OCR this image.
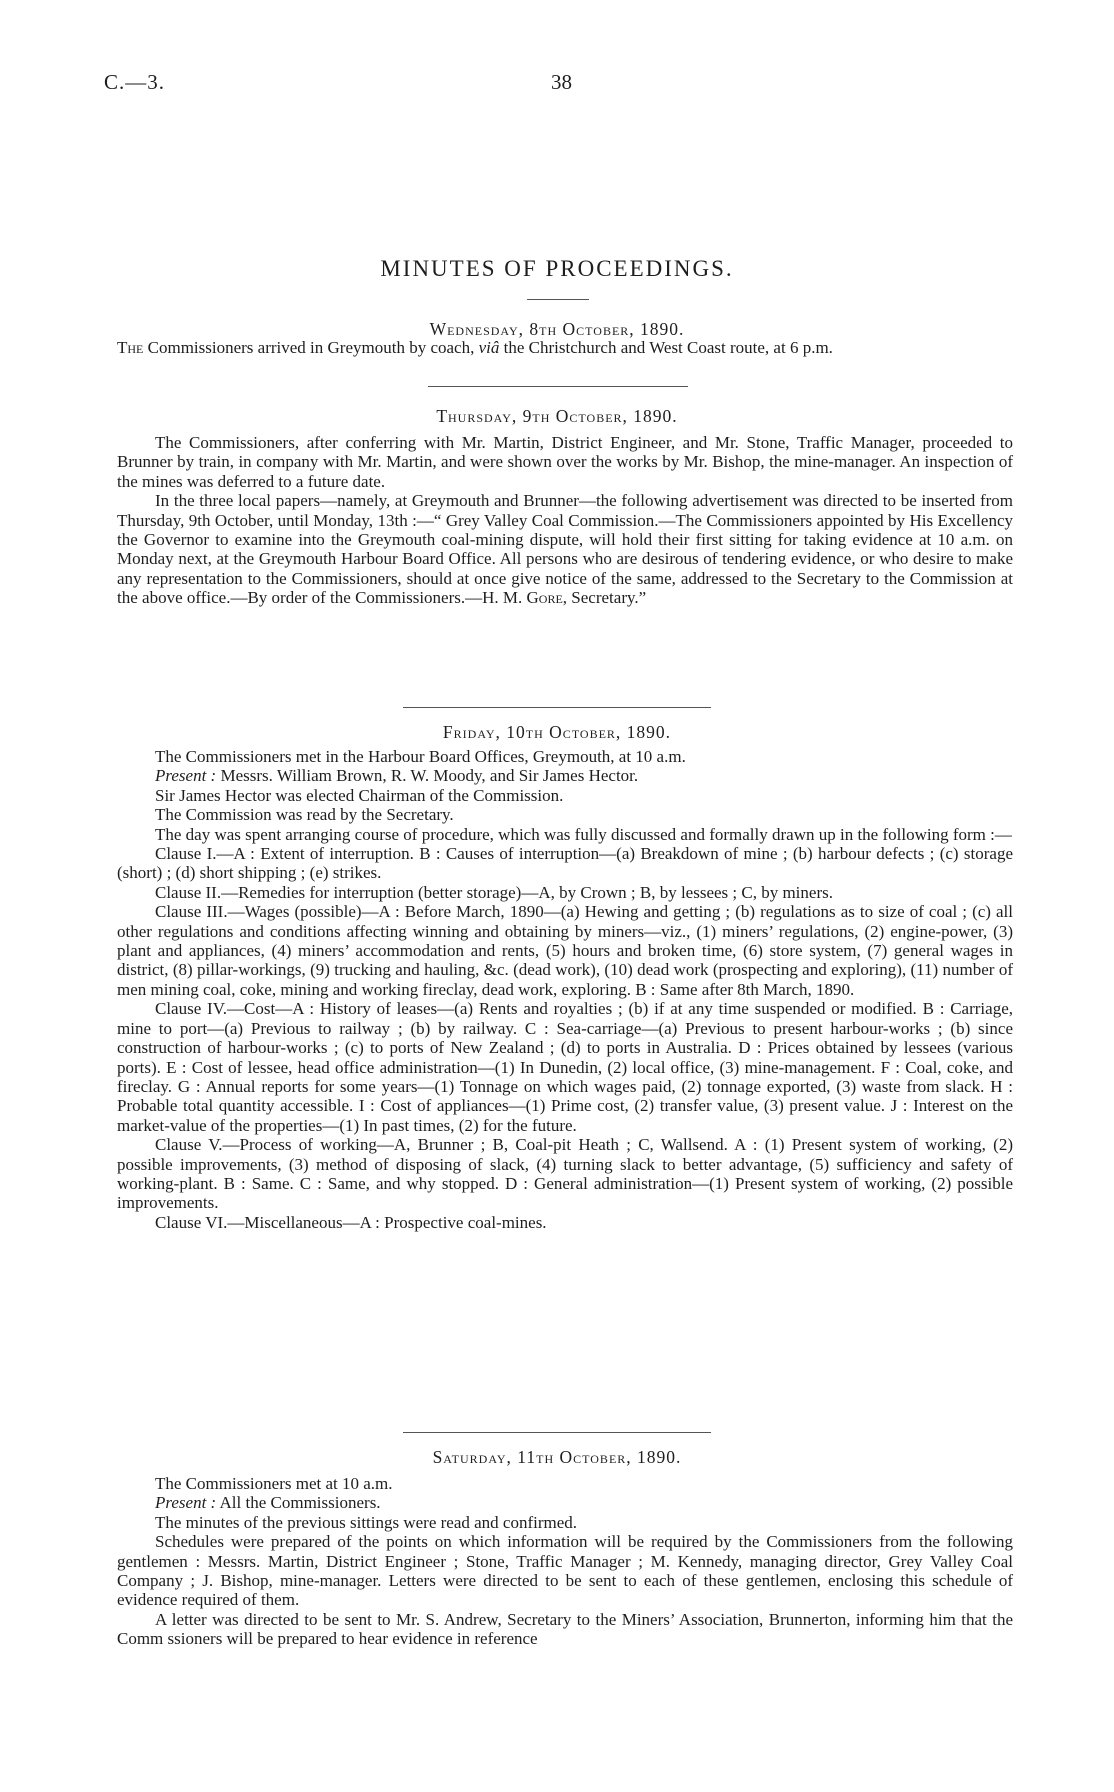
C.—3.	38
MINUTES OF PROCEEDINGS.
Wednesday, 8th October, 1890.

The Commissioners arrived in Greymouth by coach, viâ the Christchurch and West Coast route, at 6 p.m.

Thursday, 9th October, 1890.

The Commissioners, after conferring with Mr. Martin, District Engineer, and Mr. Stone, Traffic Manager, proceeded to Brunner by train, in company with Mr. Martin, and were shown over the works by Mr. Bishop, the mine-manager. An inspection of the mines was deferred to a future date.

In the three local papers—namely, at Greymouth and Brunner—the following advertisement was directed to be inserted from Thursday, 9th October, until Monday, 13th :—“ Grey Valley Coal Commission.—The Commissioners appointed by His Excellency the Governor to examine into the Greymouth coal-mining dispute, will hold their first sitting for taking evidence at 10 a.m. on Monday next, at the Greymouth Harbour Board Office. All persons who are desirous of tendering evidence, or who desire to make any representation to the Commissioners, should at once give notice of the same, addressed to the Secretary to the Commission at the above office.—By order of the Commissioners.—H. M. Gore, Secretary.”

Friday, 10th October, 1890.

The Commissioners met in the Harbour Board Offices, Greymouth, at 10 a.m.

Present : Messrs. William Brown, R. W. Moody, and Sir James Hector.

Sir James Hector was elected Chairman of the Commission.

The Commission was read by the Secretary.

The day was spent arranging course of procedure, which was fully discussed and formally drawn up in the following form :—

Clause I.—A : Extent of interruption. B : Causes of interruption—(a) Breakdown of mine ; (b) harbour defects ; (c) storage (short) ; (d) short shipping ; (e) strikes.

Clause II.—Remedies for interruption (better storage)—A, by Crown ; B, by lessees ; C, by miners.

Clause III.—Wages (possible)—A : Before March, 1890—(a) Hewing and getting ; (b) regulations as to size of coal ; (c) all other regulations and conditions affecting winning and obtaining by miners—viz., (1) miners’ regulations, (2) engine-power, (3) plant and appliances, (4) miners’ accommodation and rents, (5) hours and broken time, (6) store system, (7) general wages in district, (8) pillar-workings, (9) trucking and hauling, &c. (dead work), (10) dead work (prospecting and exploring), (11) number of men mining coal, coke, mining and working fireclay, dead work, exploring. B : Same after 8th March, 1890.

Clause IV.—Cost—A : History of leases—(a) Rents and royalties ; (b) if at any time suspended or modified. B : Carriage, mine to port—(a) Previous to railway ; (b) by railway. C : Sea-carriage—(a) Previous to present harbour-works ; (b) since construction of harbour-works ; (c) to ports of New Zealand ; (d) to ports in Australia. D : Prices obtained by lessees (various ports). E : Cost of lessee, head office administration—(1) In Dunedin, (2) local office, (3) mine-management. F : Coal, coke, and fireclay. G : Annual reports for some years—(1) Tonnage on which wages paid, (2) tonnage exported, (3) waste from slack. H : Probable total quantity accessible. I : Cost of appliances—(1) Prime cost, (2) transfer value, (3) present value. J : Interest on the market-value of the properties—(1) In past times, (2) for the future.

Clause V.—Process of working—A, Brunner ; B, Coal-pit Heath ; C, Wallsend. A : (1) Present system of working, (2) possible improvements, (3) method of disposing of slack, (4) turning slack to better advantage, (5) sufficiency and safety of working-plant. B : Same. C : Same, and why stopped. D : General administration—(1) Present system of working, (2) possible improvements.

Clause VI.—Miscellaneous—A : Prospective coal-mines.

Saturday, 11th October, 1890.

The Commissioners met at 10 a.m.

Present : All the Commissioners.

The minutes of the previous sittings were read and confirmed.

Schedules were prepared of the points on which information will be required by the Commissioners from the following gentlemen : Messrs. Martin, District Engineer ; Stone, Traffic Manager ; M. Kennedy, managing director, Grey Valley Coal Company ; J. Bishop, mine-manager. Letters were directed to be sent to each of these gentlemen, enclosing this schedule of evidence required of them.

A letter was directed to be sent to Mr. S. Andrew, Secretary to the Miners’ Association, Brunnerton, informing him that the Comm ssioners will be prepared to hear evidence in reference
